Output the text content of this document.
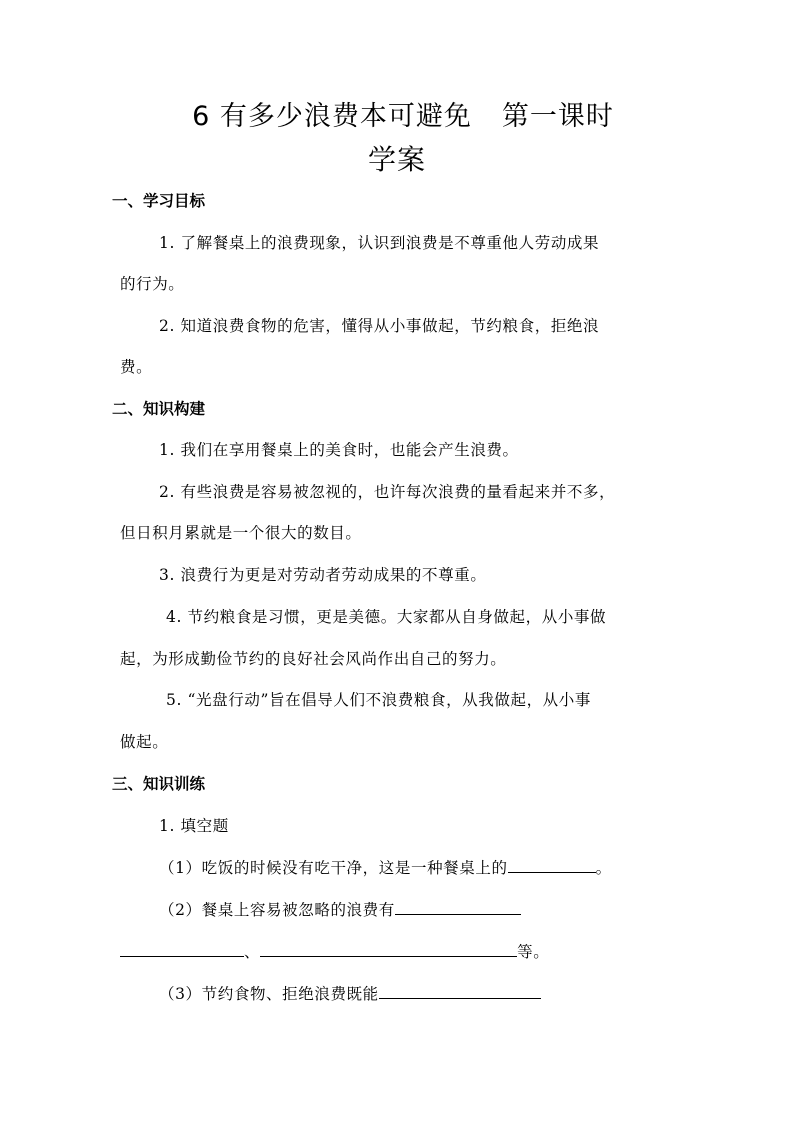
6 有多少浪费本可避免 第一课时
学案
一、学习目标
1. 了解餐桌上的浪费现象，认识到浪费是不尊重他人劳动成果
的行为。
2. 知道浪费食物的危害，懂得从小事做起，节约粮食，拒绝浪
费。
二、知识构建
1. 我们在享用餐桌上的美食时，也能会产生浪费。
2. 有些浪费是容易被忽视的，也许每次浪费的量看起来并不多，
但日积月累就是一个很大的数目。
3. 浪费行为更是对劳动者劳动成果的不尊重。
4. 节约粮食是习惯，更是美德。大家都从自身做起，从小事做
起，为形成勤俭节约的良好社会风尚作出自己的努力。
5. “光盘行动”旨在倡导人们不浪费粮食，从我做起，从小事
做起。
三、知识训练
1. 填空题
（1）吃饭的时候没有吃干净，这是一种餐桌上的	。
（2）餐桌上容易被忽略的浪费有
、	等。
（3）节约食物、拒绝浪费既能
